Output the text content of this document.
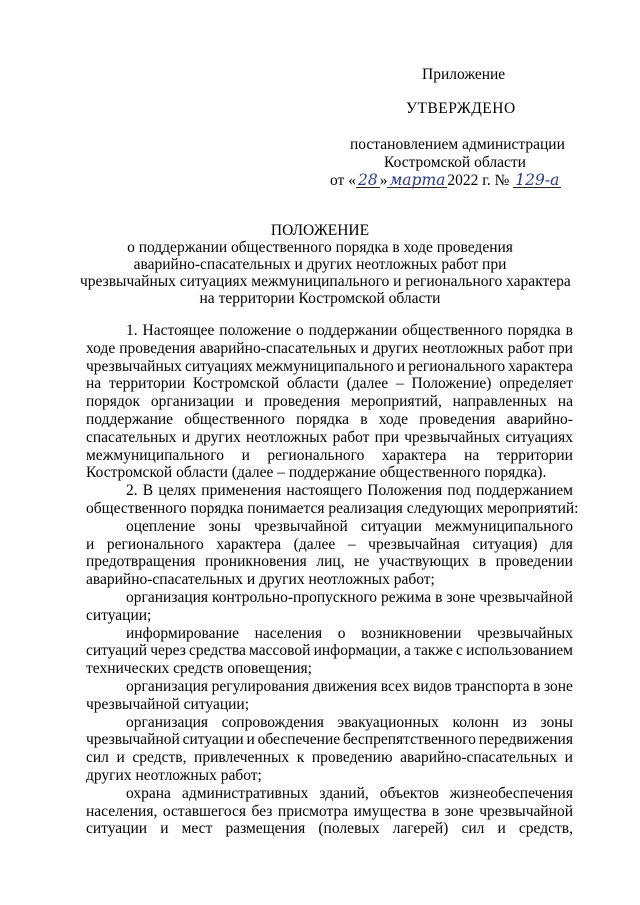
Приложение
УТВЕРЖДЕНО
постановлением администрации
Костромской области
от « 28 » марта 2022 г. № 129-а
ПОЛОЖЕНИЕ
о поддержании общественного порядка в ходе проведения
аварийно-спасательных и других неотложных работ при
чрезвычайных ситуациях межмуниципального и регионального характера
на территории Костромской области
1. Настоящее положение о поддержании общественного порядка в
ходе проведения аварийно-спасательных и других неотложных работ при
чрезвычайных ситуациях межмуниципального и регионального характера
на территории Костромской области (далее – Положение) определяет
порядок организации и проведения мероприятий, направленных на
поддержание общественного порядка в ходе проведения аварийно-
спасательных и других неотложных работ при чрезвычайных ситуациях
межмуниципального и регионального характера на территории
Костромской области (далее – поддержание общественного порядка).
2. В целях применения настоящего Положения под поддержанием
общественного порядка понимается реализация следующих мероприятий:
оцепление зоны чрезвычайной ситуации межмуниципального
и регионального характера (далее – чрезвычайная ситуация) для
предотвращения проникновения лиц, не участвующих в проведении
аварийно-спасательных и других неотложных работ;
организация контрольно-пропускного режима в зоне чрезвычайной
ситуации;
информирование населения о возникновении чрезвычайных
ситуаций через средства массовой информации, а также с использованием
технических средств оповещения;
организация регулирования движения всех видов транспорта в зоне
чрезвычайной ситуации;
организация сопровождения эвакуационных колонн из зоны
чрезвычайной ситуации и обеспечение беспрепятственного передвижения
сил и средств, привлеченных к проведению аварийно-спасательных и
других неотложных работ;
охрана административных зданий, объектов жизнеобеспечения
населения, оставшегося без присмотра имущества в зоне чрезвычайной
ситуации и мест размещения (полевых лагерей) сил и средств,
